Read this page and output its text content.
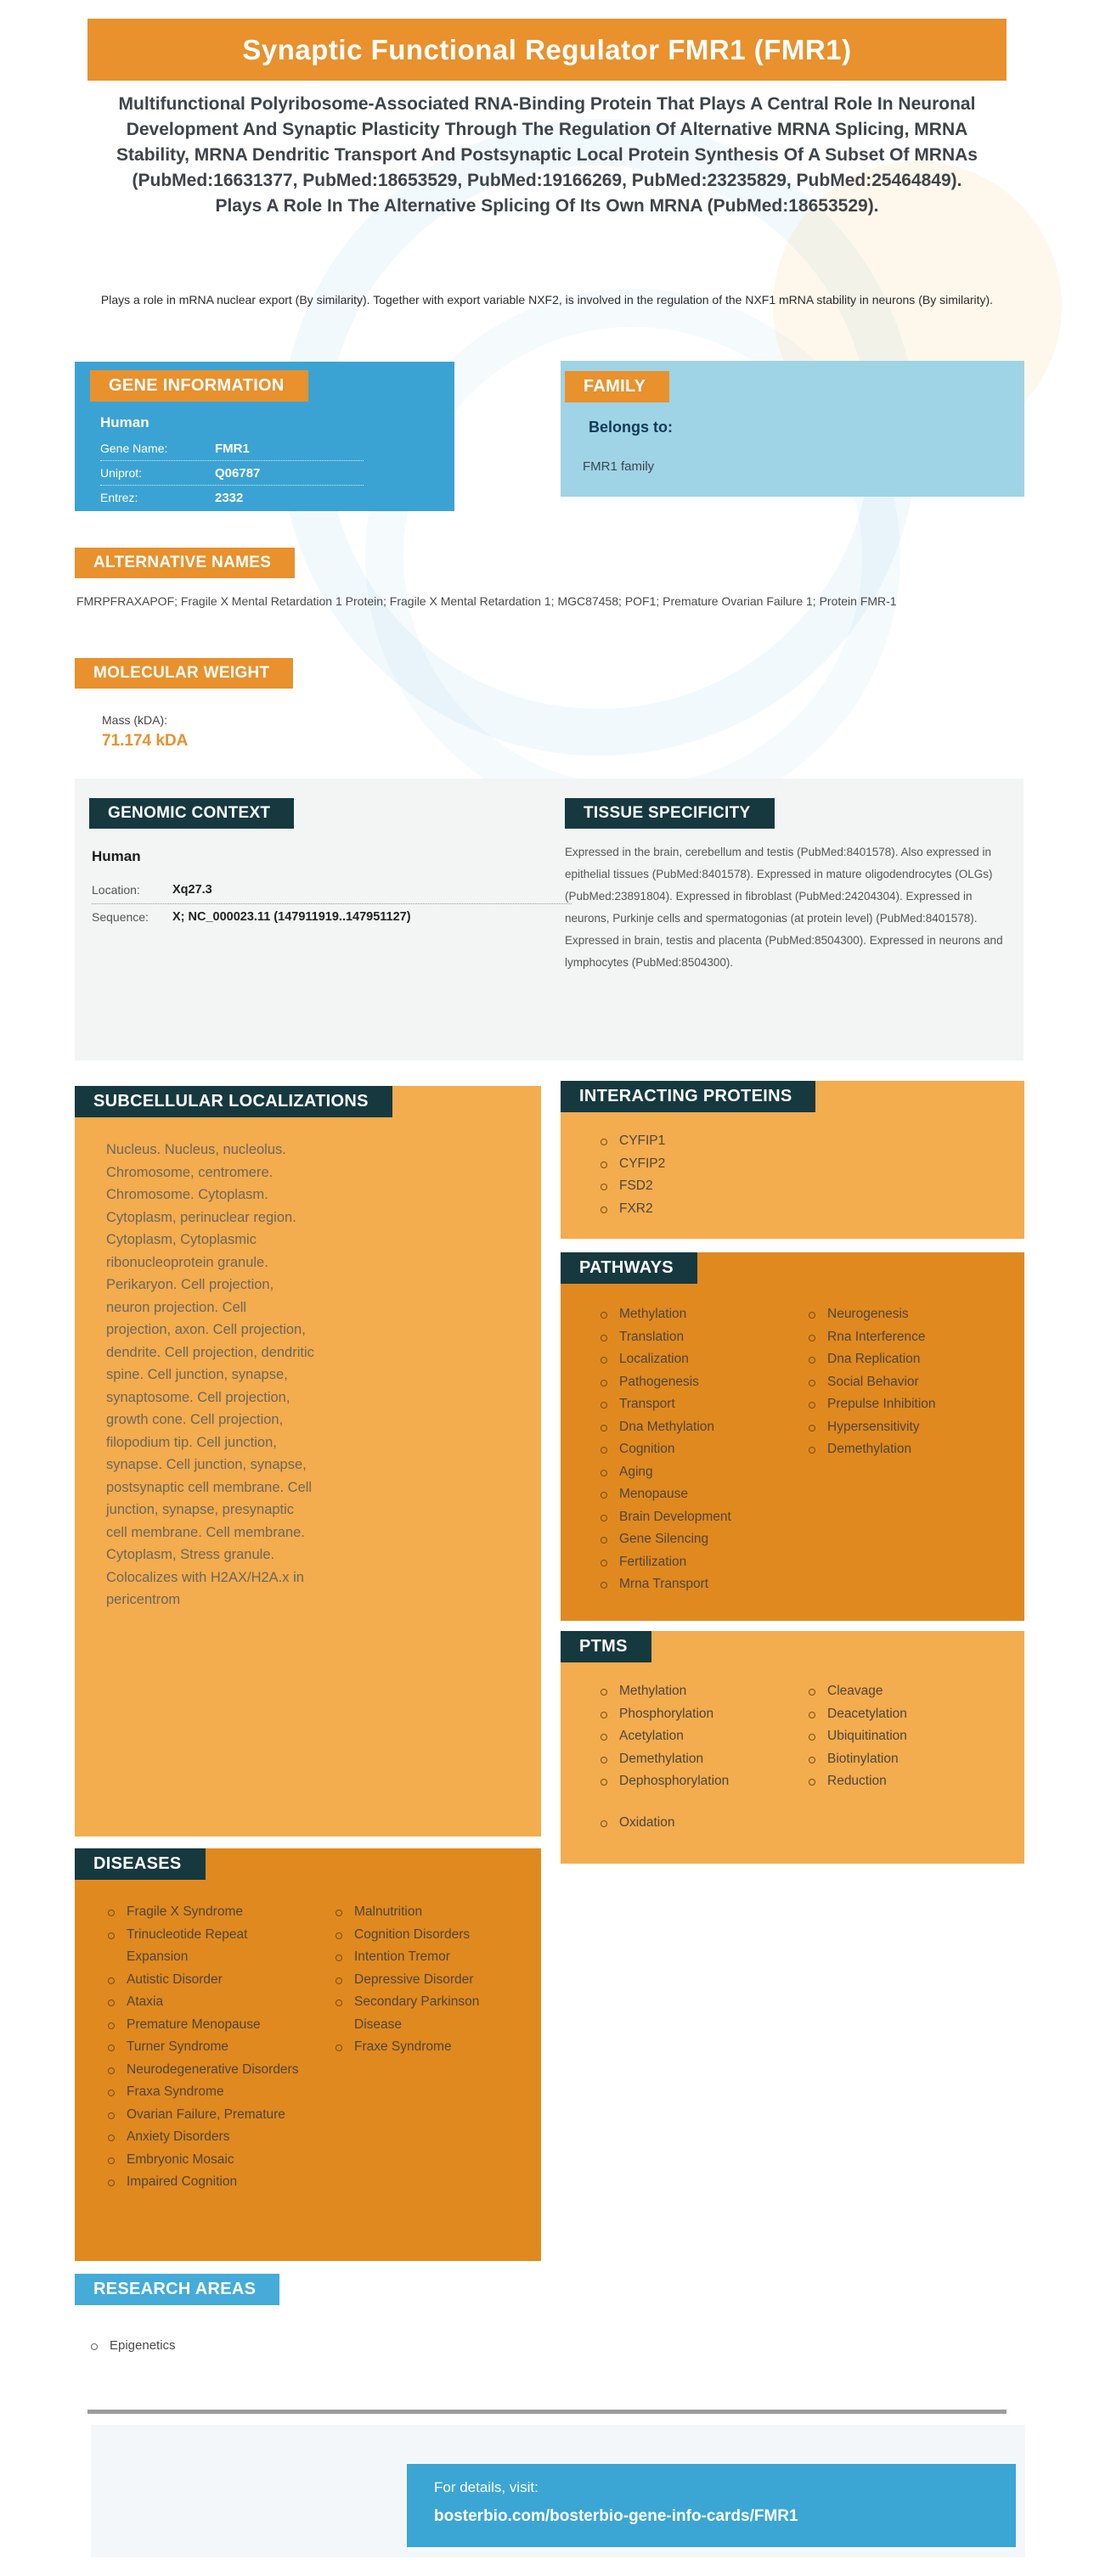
Synaptic Functional Regulator FMR1 (FMR1)
Multifunctional Polyribosome-Associated RNA-Binding Protein That Plays A Central Role In Neuronal Development And Synaptic Plasticity Through The Regulation Of Alternative MRNA Splicing, MRNA Stability, MRNA Dendritic Transport And Postsynaptic Local Protein Synthesis Of A Subset Of MRNAs (PubMed:16631377, PubMed:18653529, PubMed:19166269, PubMed:23235829, PubMed:25464849). Plays A Role In The Alternative Splicing Of Its Own MRNA (PubMed:18653529).
Plays a role in mRNA nuclear export (By similarity). Together with export variable NXF2, is involved in the regulation of the NXF1 mRNA stability in neurons (By similarity).
GENE INFORMATION
Human
Gene Name:	FMR1
Uniprot:	Q06787
Entrez:	2332
FAMILY
Belongs to:
FMR1 family
ALTERNATIVE NAMES
FMRPFRAXAPOF; Fragile X Mental Retardation 1 Protein; Fragile X Mental Retardation 1; MGC87458; POF1; Premature Ovarian Failure 1; Protein FMR-1
MOLECULAR WEIGHT
Mass (kDA):
71.174 kDA
GENOMIC CONTEXT
Human
Location:	Xq27.3
Sequence:	X; NC_000023.11 (147911919..147951127)
TISSUE SPECIFICITY
Expressed in the brain, cerebellum and testis (PubMed:8401578). Also expressed in epithelial tissues (PubMed:8401578). Expressed in mature oligodendrocytes (OLGs) (PubMed:23891804). Expressed in fibroblast (PubMed:24204304). Expressed in neurons, Purkinje cells and spermatogonias (at protein level) (PubMed:8401578). Expressed in brain, testis and placenta (PubMed:8504300). Expressed in neurons and lymphocytes (PubMed:8504300).
SUBCELLULAR LOCALIZATIONS
Nucleus. Nucleus, nucleolus. Chromosome, centromere. Chromosome. Cytoplasm. Cytoplasm, perinuclear region. Cytoplasm, Cytoplasmic ribonucleoprotein granule. Perikaryon. Cell projection, neuron projection. Cell projection, axon. Cell projection, dendrite. Cell projection, dendritic spine. Cell junction, synapse, synaptosome. Cell projection, growth cone. Cell projection, filopodium tip. Cell junction, synapse. Cell junction, synapse, postsynaptic cell membrane. Cell junction, synapse, presynaptic cell membrane. Cell membrane. Cytoplasm, Stress granule. Colocalizes with H2AX/H2A.x in pericentrom
INTERACTING PROTEINS
CYFIP1
CYFIP2
FSD2
FXR2
PATHWAYS
Methylation
Translation
Localization
Pathogenesis
Transport
Dna Methylation
Cognition
Aging
Menopause
Brain Development
Gene Silencing
Fertilization
Mrna Transport
Neurogenesis
Rna Interference
Dna Replication
Social Behavior
Prepulse Inhibition
Hypersensitivity
Demethylation
PTMS
Methylation
Phosphorylation
Acetylation
Demethylation
Dephosphorylation
Oxidation
Cleavage
Deacetylation
Ubiquitination
Biotinylation
Reduction
DISEASES
Fragile X Syndrome
Trinucleotide Repeat Expansion
Autistic Disorder
Ataxia
Premature Menopause
Turner Syndrome
Neurodegenerative Disorders
Fraxa Syndrome
Ovarian Failure, Premature
Anxiety Disorders
Embryonic Mosaic
Impaired Cognition
Malnutrition
Cognition Disorders
Intention Tremor
Depressive Disorder
Secondary Parkinson Disease
Fraxe Syndrome
RESEARCH AREAS
Epigenetics
For details, visit:
bosterbio.com/bosterbio-gene-info-cards/FMR1
